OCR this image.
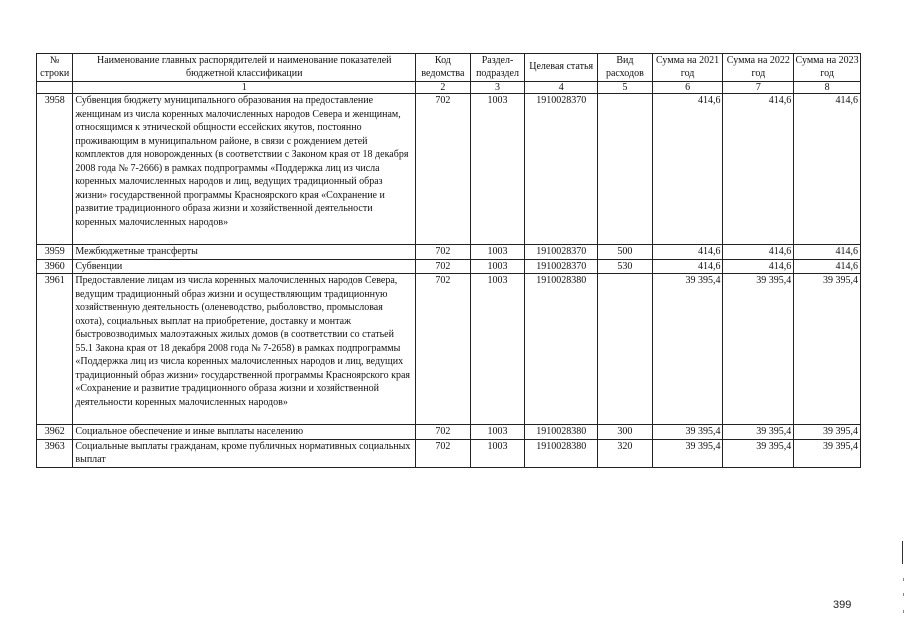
№ строки	Наименование главных распорядителей и наименование показателей бюджетной классификации	Код ведомства	Раздел-подраздел	Целевая статья	Вид расходов	Сумма на 2021 год	Сумма на 2022 год	Сумма на 2023 год
	1	2	3	4	5	6	7	8
3958	Субвенция бюджету муниципального образования на предоставление женщинам из числа коренных малочисленных народов Севера и женщинам, относящимся к этнической общности ессейских якутов, постоянно проживающим в муниципальном районе, в связи с рождением детей комплектов для новорожденных (в соответствии с Законом края от 18 декабря 2008 года № 7-2666) в рамках подпрограммы «Поддержка лиц из числа коренных малочисленных народов и лиц, ведущих традиционный образ жизни» государственной программы Красноярского края «Сохранение и развитие традиционного образа жизни и хозяйственной деятельности коренных малочисленных народов»	702	1003	1910028370		414,6	414,6	414,6
3959	Межбюджетные трансферты	702	1003	1910028370	500	414,6	414,6	414,6
3960	Субвенции	702	1003	1910028370	530	414,6	414,6	414,6
3961	Предоставление лицам из числа коренных малочисленных народов Севера, ведущим традиционный образ жизни и осуществляющим традиционную хозяйственную деятельность (оленеводство, рыболовство, промысловая охота), социальных выплат на приобретение, доставку и монтаж быстровозводимых малоэтажных жилых домов (в соответствии со статьей 55.1 Закона края от 18 декабря 2008 года № 7-2658) в рамках подпрограммы «Поддержка лиц из числа коренных малочисленных народов и лиц, ведущих традиционный образ жизни» государственной программы Красноярского края «Сохранение и развитие традиционного образа жизни и хозяйственной деятельности коренных малочисленных народов»	702	1003	1910028380		39 395,4	39 395,4	39 395,4
3962	Социальное обеспечение и иные выплаты населению	702	1003	1910028380	300	39 395,4	39 395,4	39 395,4
3963	Социальные выплаты гражданам, кроме публичных нормативных социальных выплат	702	1003	1910028380	320	39 395,4	39 395,4	39 395,4
399
